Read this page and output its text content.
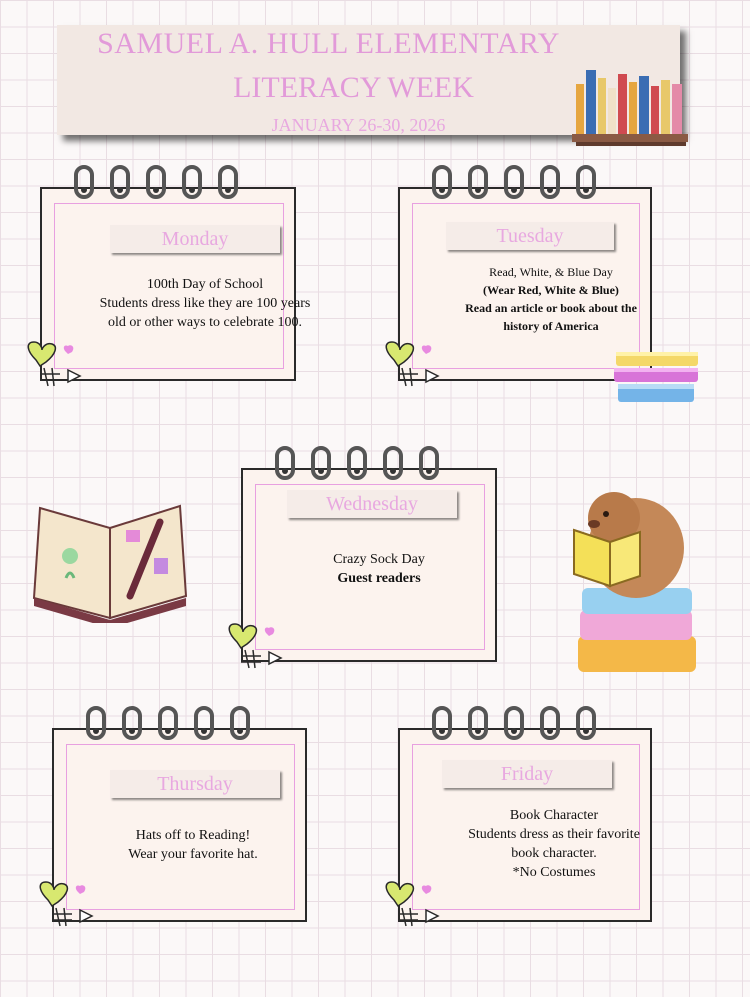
SAMUEL A. HULL ELEMENTARY
LITERACY WEEK
JANUARY 26-30, 2026
Monday
100th Day of School
Students dress like they are 100 years
old or other ways to celebrate 100.
Tuesday
Read, White, & Blue Day
(Wear Red, White & Blue)
Read an article or book about the
history of America
Wednesday
Crazy Sock Day
Guest readers
Thursday
Hats off to Reading!
Wear your favorite hat.
Friday
Book Character
Students dress as their favorite
book character.
*No Costumes
